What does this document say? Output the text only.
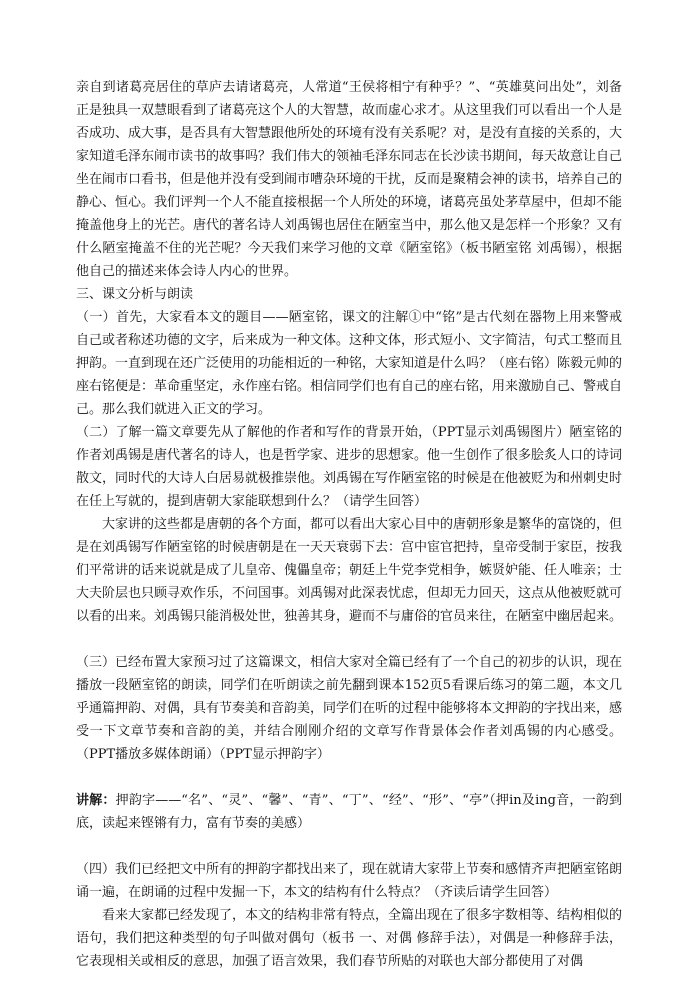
亲自到诸葛亮居住的草庐去请诸葛亮，人常道“王侯将相宁有种乎？”、“英雄莫问出处”，刘备正是独具一双慧眼看到了诸葛亮这个人的大智慧，故而虚心求才。从这里我们可以看出一个人是否成功、成大事，是否具有大智慧跟他所处的环境有没有关系呢？对，是没有直接的关系的，大家知道毛泽东闹市读书的故事吗？我们伟大的领袖毛泽东同志在长沙读书期间，每天故意让自己坐在闹市口看书，但是他并没有受到闹市嘈杂环境的干扰，反而是聚精会神的读书，培养自己的静心、恒心。我们评判一个人不能直接根据一个人所处的环境，诸葛亮虽处茅草屋中，但却不能掩盖他身上的光芒。唐代的著名诗人刘禹锡也居住在陋室当中，那么他又是怎样一个形象？又有什么陋室掩盖不住的光芒呢？今天我们来学习他的文章《陋室铭》（板书陋室铭 刘禹锡），根据他自己的描述来体会诗人内心的世界。

三、课文分析与朗读

（一）首先，大家看本文的题目——陋室铭，课文的注解①中“铭”是古代刻在器物上用来警戒自己或者称述功德的文字，后来成为一种文体。这种文体，形式短小、文字简洁，句式工整而且押韵。一直到现在还广泛使用的功能相近的一种铭，大家知道是什么吗？（座右铭）陈毅元帅的座右铭便是：革命重坚定，永作座右铭。相信同学们也有自己的座右铭，用来激励自己、警戒自己。那么我们就进入正文的学习。

（二）了解一篇文章要先从了解他的作者和写作的背景开始，（PPT显示刘禹锡图片）陋室铭的作者刘禹锡是唐代著名的诗人，也是哲学家、进步的思想家。他一生创作了很多脍炙人口的诗词散文，同时代的大诗人白居易就极推崇他。刘禹锡在写作陋室铭的时候是在他被贬为和州刺史时在任上写就的，提到唐朝大家能联想到什么？（请学生回答）

大家讲的这些都是唐朝的各个方面，都可以看出大家心目中的唐朝形象是繁华的富饶的，但是在刘禹锡写作陋室铭的时候唐朝是在一天天衰弱下去：宫中宦官把持，皇帝受制于家臣，按我们平常讲的话来说就是成了儿皇帝、傀儡皇帝；朝廷上牛党李党相争，嫉贤妒能、任人唯亲；士大夫阶层也只顾寻欢作乐，不问国事。刘禹锡对此深表忧虑，但却无力回天，这点从他被贬就可以看的出来。刘禹锡只能消极处世，独善其身，避而不与庸俗的官员来往，在陋室中幽居起来。

（三）已经布置大家预习过了这篇课文，相信大家对全篇已经有了一个自己的初步的认识，现在播放一段陋室铭的朗读，同学们在听朗读之前先翻到课本152页5看课后练习的第二题，本文几乎通篇押韵、对偶，具有节奏美和音韵美，同学们在听的过程中能够将本文押韵的字找出来，感受一下文章节奏和音韵的美，并结合刚刚介绍的文章写作背景体会作者刘禹锡的内心感受。（PPT播放多媒体朗诵）（PPT显示押韵字）

讲解：押韵字——“名”、“灵”、“馨”、“青”、“丁”、“经”、“形”、“亭”（押in及ing音，一韵到底，读起来铿锵有力，富有节奏的美感）

（四）我们已经把文中所有的押韵字都找出来了，现在就请大家带上节奏和感情齐声把陋室铭朗诵一遍，在朗诵的过程中发掘一下，本文的结构有什么特点？（齐读后请学生回答）

看来大家都已经发现了，本文的结构非常有特点，全篇出现在了很多字数相等、结构相似的语句，我们把这种类型的句子叫做对偶句（板书 一、对偶 修辞手法），对偶是一种修辞手法，它表现相关或相反的意思，加强了语言效果，我们春节所贴的对联也大部分都使用了对偶
